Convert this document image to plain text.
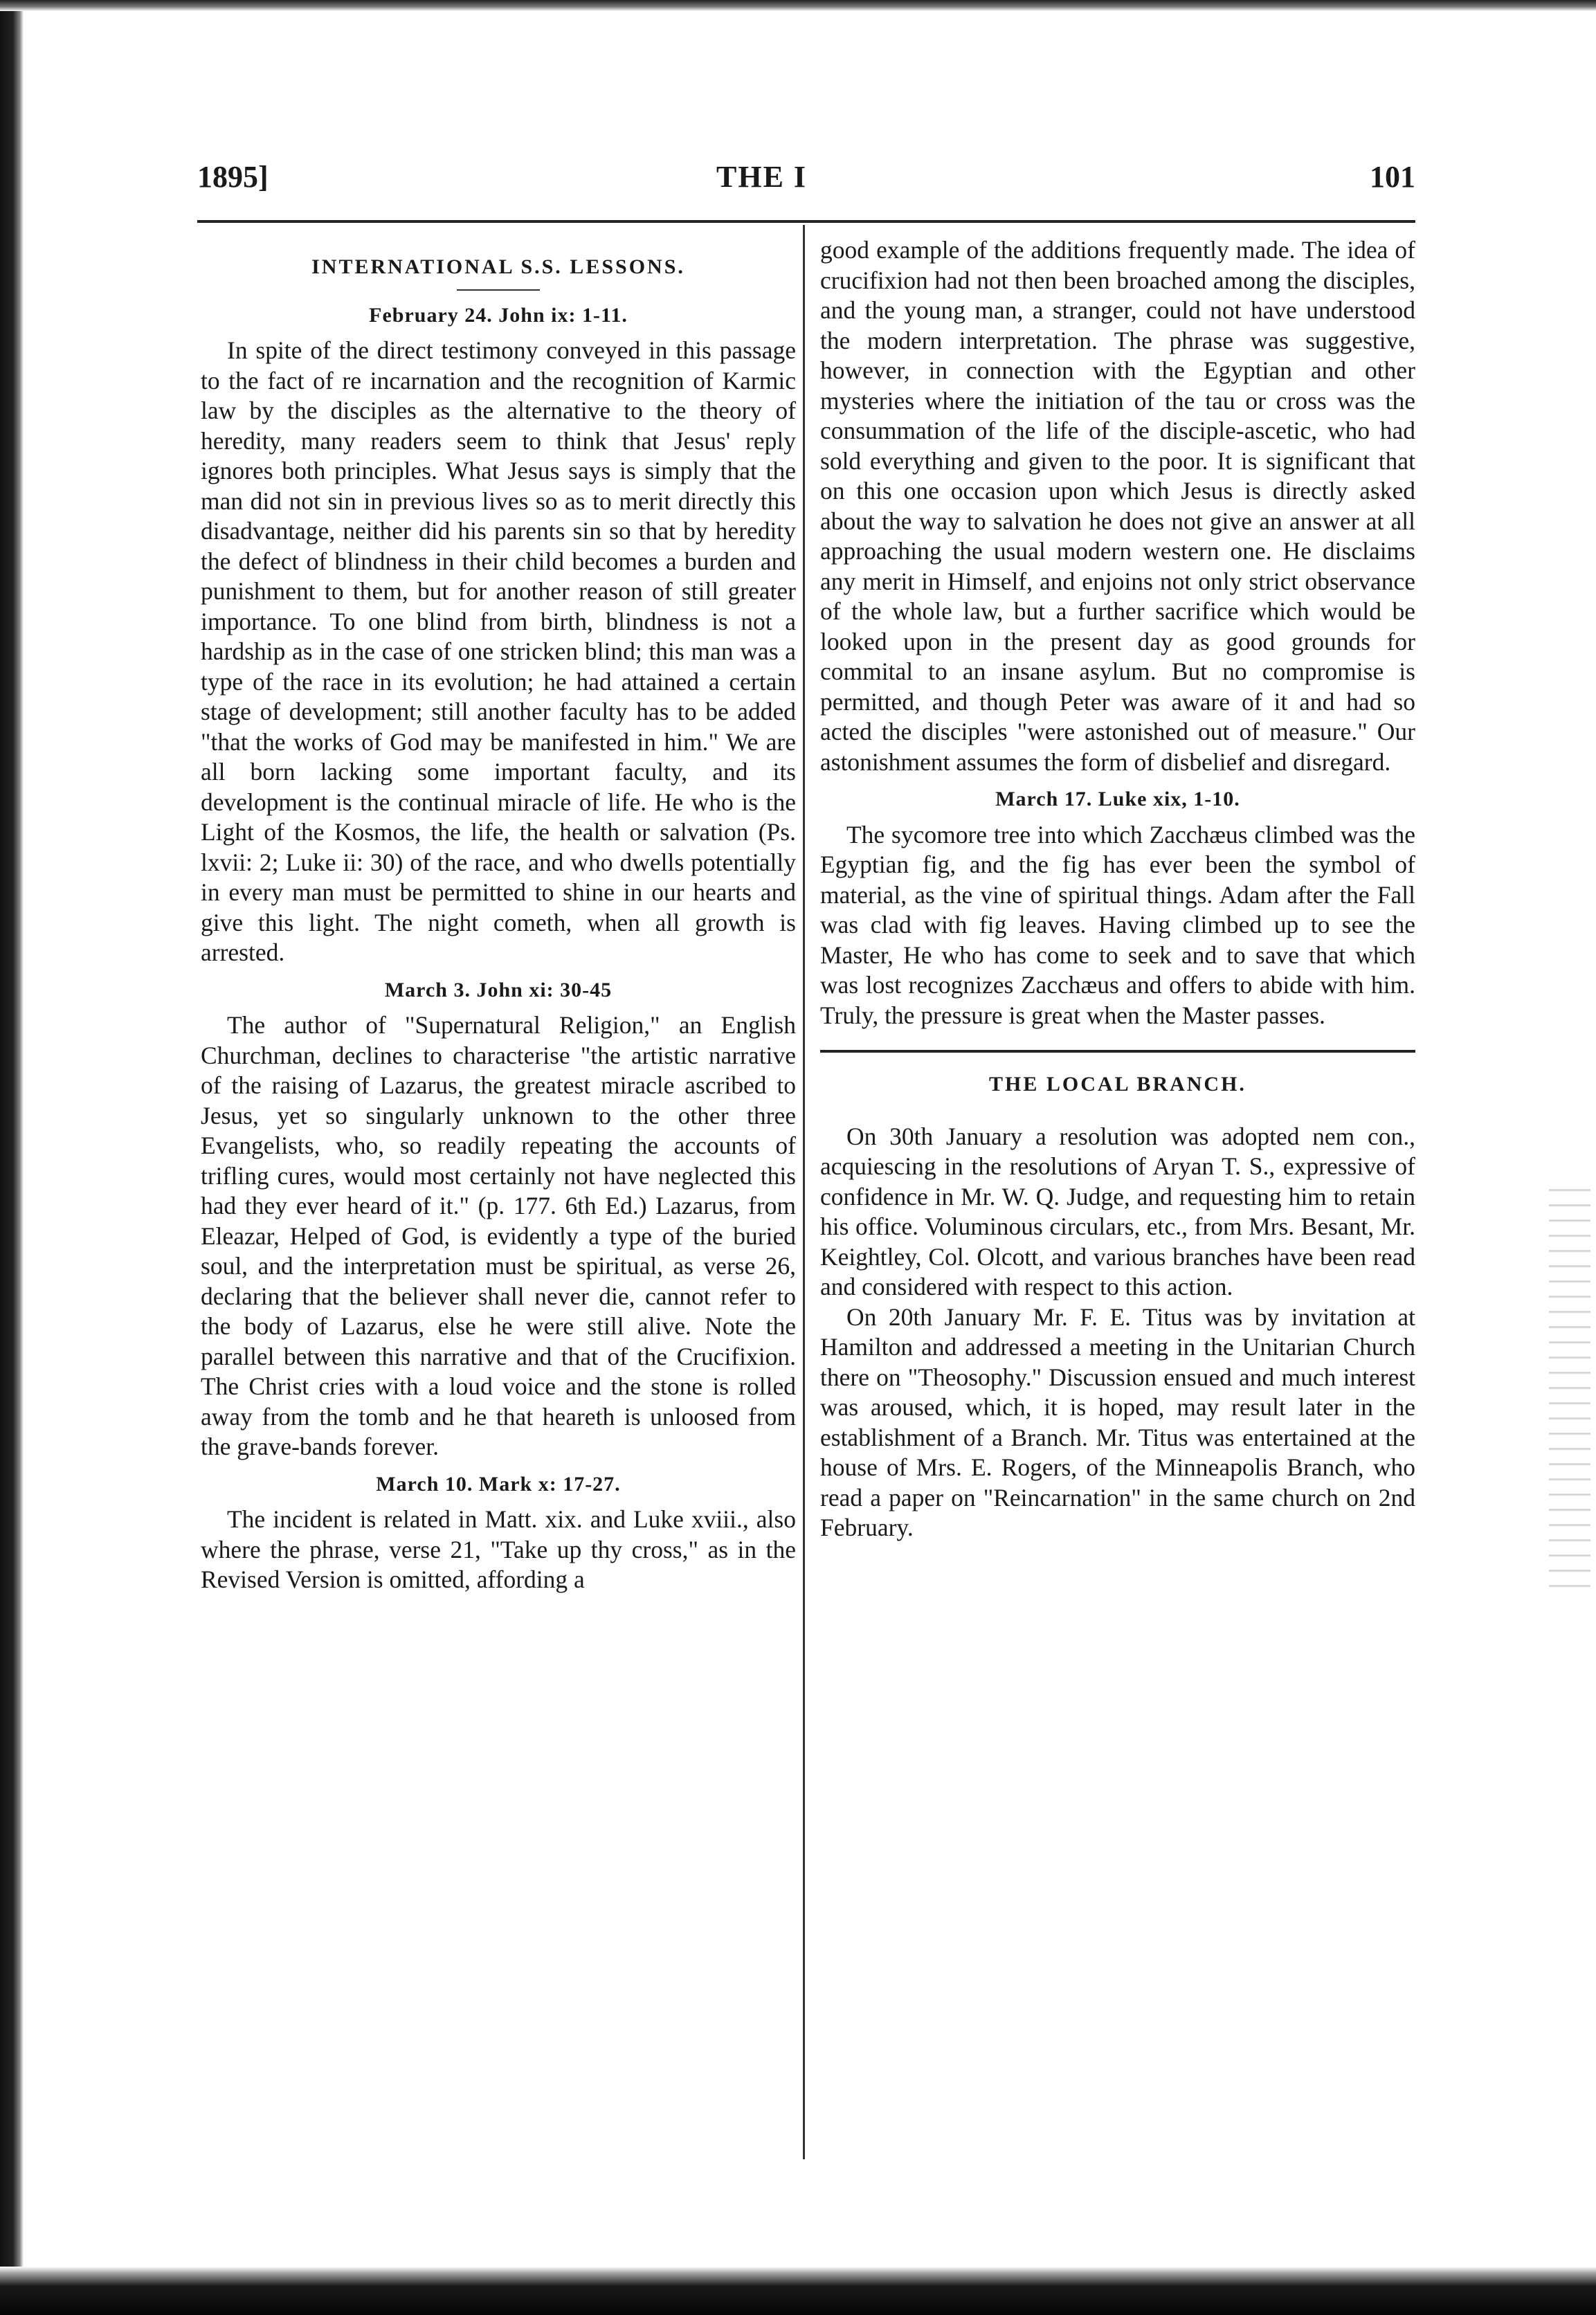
1895]	THE I	101
INTERNATIONAL S.S. LESSONS.
February 24. John ix: 1-11.

In spite of the direct testimony conveyed in this passage to the fact of re incarnation and the recognition of Karmic law by the disciples as the alternative to the theory of heredity, many readers seem to think that Jesus' reply ignores both principles. What Jesus says is simply that the man did not sin in previous lives so as to merit directly this disadvantage, neither did his parents sin so that by heredity the defect of blindness in their child becomes a burden and punishment to them, but for another reason of still greater importance. To one blind from birth, blindness is not a hardship as in the case of one stricken blind; this man was a type of the race in its evolution; he had attained a certain stage of development; still another faculty has to be added "that the works of God may be manifested in him." We are all born lacking some important faculty, and its development is the continual miracle of life. He who is the Light of the Kosmos, the life, the health or salvation (Ps. lxvii: 2; Luke ii: 30) of the race, and who dwells potentially in every man must be permitted to shine in our hearts and give this light. The night cometh, when all growth is arrested.

March 3. John xi: 30-45

The author of "Supernatural Religion," an English Churchman, declines to characterise "the artistic narrative of the raising of Lazarus, the greatest miracle ascribed to Jesus, yet so singularly unknown to the other three Evangelists, who, so readily repeating the accounts of trifling cures, would most certainly not have neglected this had they ever heard of it." (p. 177. 6th Ed.) Lazarus, from Eleazar, Helped of God, is evidently a type of the buried soul, and the interpretation must be spiritual, as verse 26, declaring that the believer shall never die, cannot refer to the body of Lazarus, else he were still alive. Note the parallel between this narrative and that of the Crucifixion. The Christ cries with a loud voice and the stone is rolled away from the tomb and he that heareth is unloosed from the grave-bands forever.

March 10. Mark x: 17-27.

The incident is related in Matt. xix. and Luke xviii., also where the phrase, verse 21, "Take up thy cross," as in the Revised Version is omitted, affording a

good example of the additions frequently made. The idea of crucifixion had not then been broached among the disciples, and the young man, a stranger, could not have understood the modern interpretation. The phrase was suggestive, however, in connection with the Egyptian and other mysteries where the initiation of the tau or cross was the consummation of the life of the disciple-ascetic, who had sold everything and given to the poor. It is significant that on this one occasion upon which Jesus is directly asked about the way to salvation he does not give an answer at all approaching the usual modern western one. He disclaims any merit in Himself, and enjoins not only strict observance of the whole law, but a further sacrifice which would be looked upon in the present day as good grounds for commital to an insane asylum. But no compromise is permitted, and though Peter was aware of it and had so acted the disciples "were astonished out of measure." Our astonishment assumes the form of disbelief and disregard.

March 17. Luke xix, 1-10.

The sycomore tree into which Zacchæus climbed was the Egyptian fig, and the fig has ever been the symbol of material, as the vine of spiritual things. Adam after the Fall was clad with fig leaves. Having climbed up to see the Master, He who has come to seek and to save that which was lost recognizes Zacchæus and offers to abide with him. Truly, the pressure is great when the Master passes.

THE LOCAL BRANCH.

On 30th January a resolution was adopted nem con., acquiescing in the resolutions of Aryan T. S., expressive of confidence in Mr. W. Q. Judge, and requesting him to retain his office. Voluminous circulars, etc., from Mrs. Besant, Mr. Keightley, Col. Olcott, and various branches have been read and considered with respect to this action.

On 20th January Mr. F. E. Titus was by invitation at Hamilton and addressed a meeting in the Unitarian Church there on "Theosophy." Discussion ensued and much interest was aroused, which, it is hoped, may result later in the establishment of a Branch. Mr. Titus was entertained at the house of Mrs. E. Rogers, of the Minneapolis Branch, who read a paper on "Reincarnation" in the same church on 2nd February.
